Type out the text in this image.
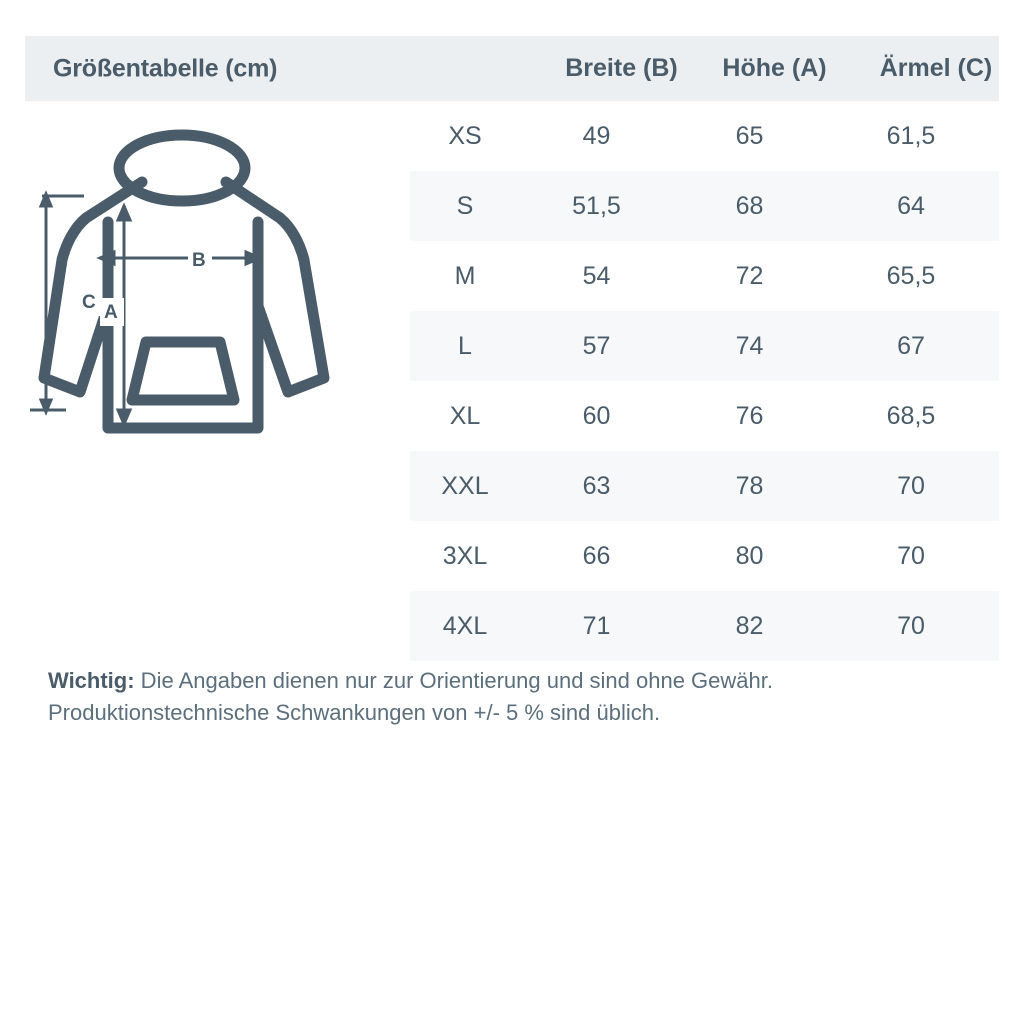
Größentabelle (cm)	Breite (B)	Höhe (A)	Ärmel (C)
C
B
A
XS	49	65	61,5
S	51,5	68	64
M	54	72	65,5
L	57	74	67
XL	60	76	68,5
XXL	63	78	70
3XL	66	80	70
4XL	71	82	70
Wichtig: Die Angaben dienen nur zur Orientierung und sind ohne Gewähr. Produktionstechnische Schwankungen von +/- 5 % sind üblich.
